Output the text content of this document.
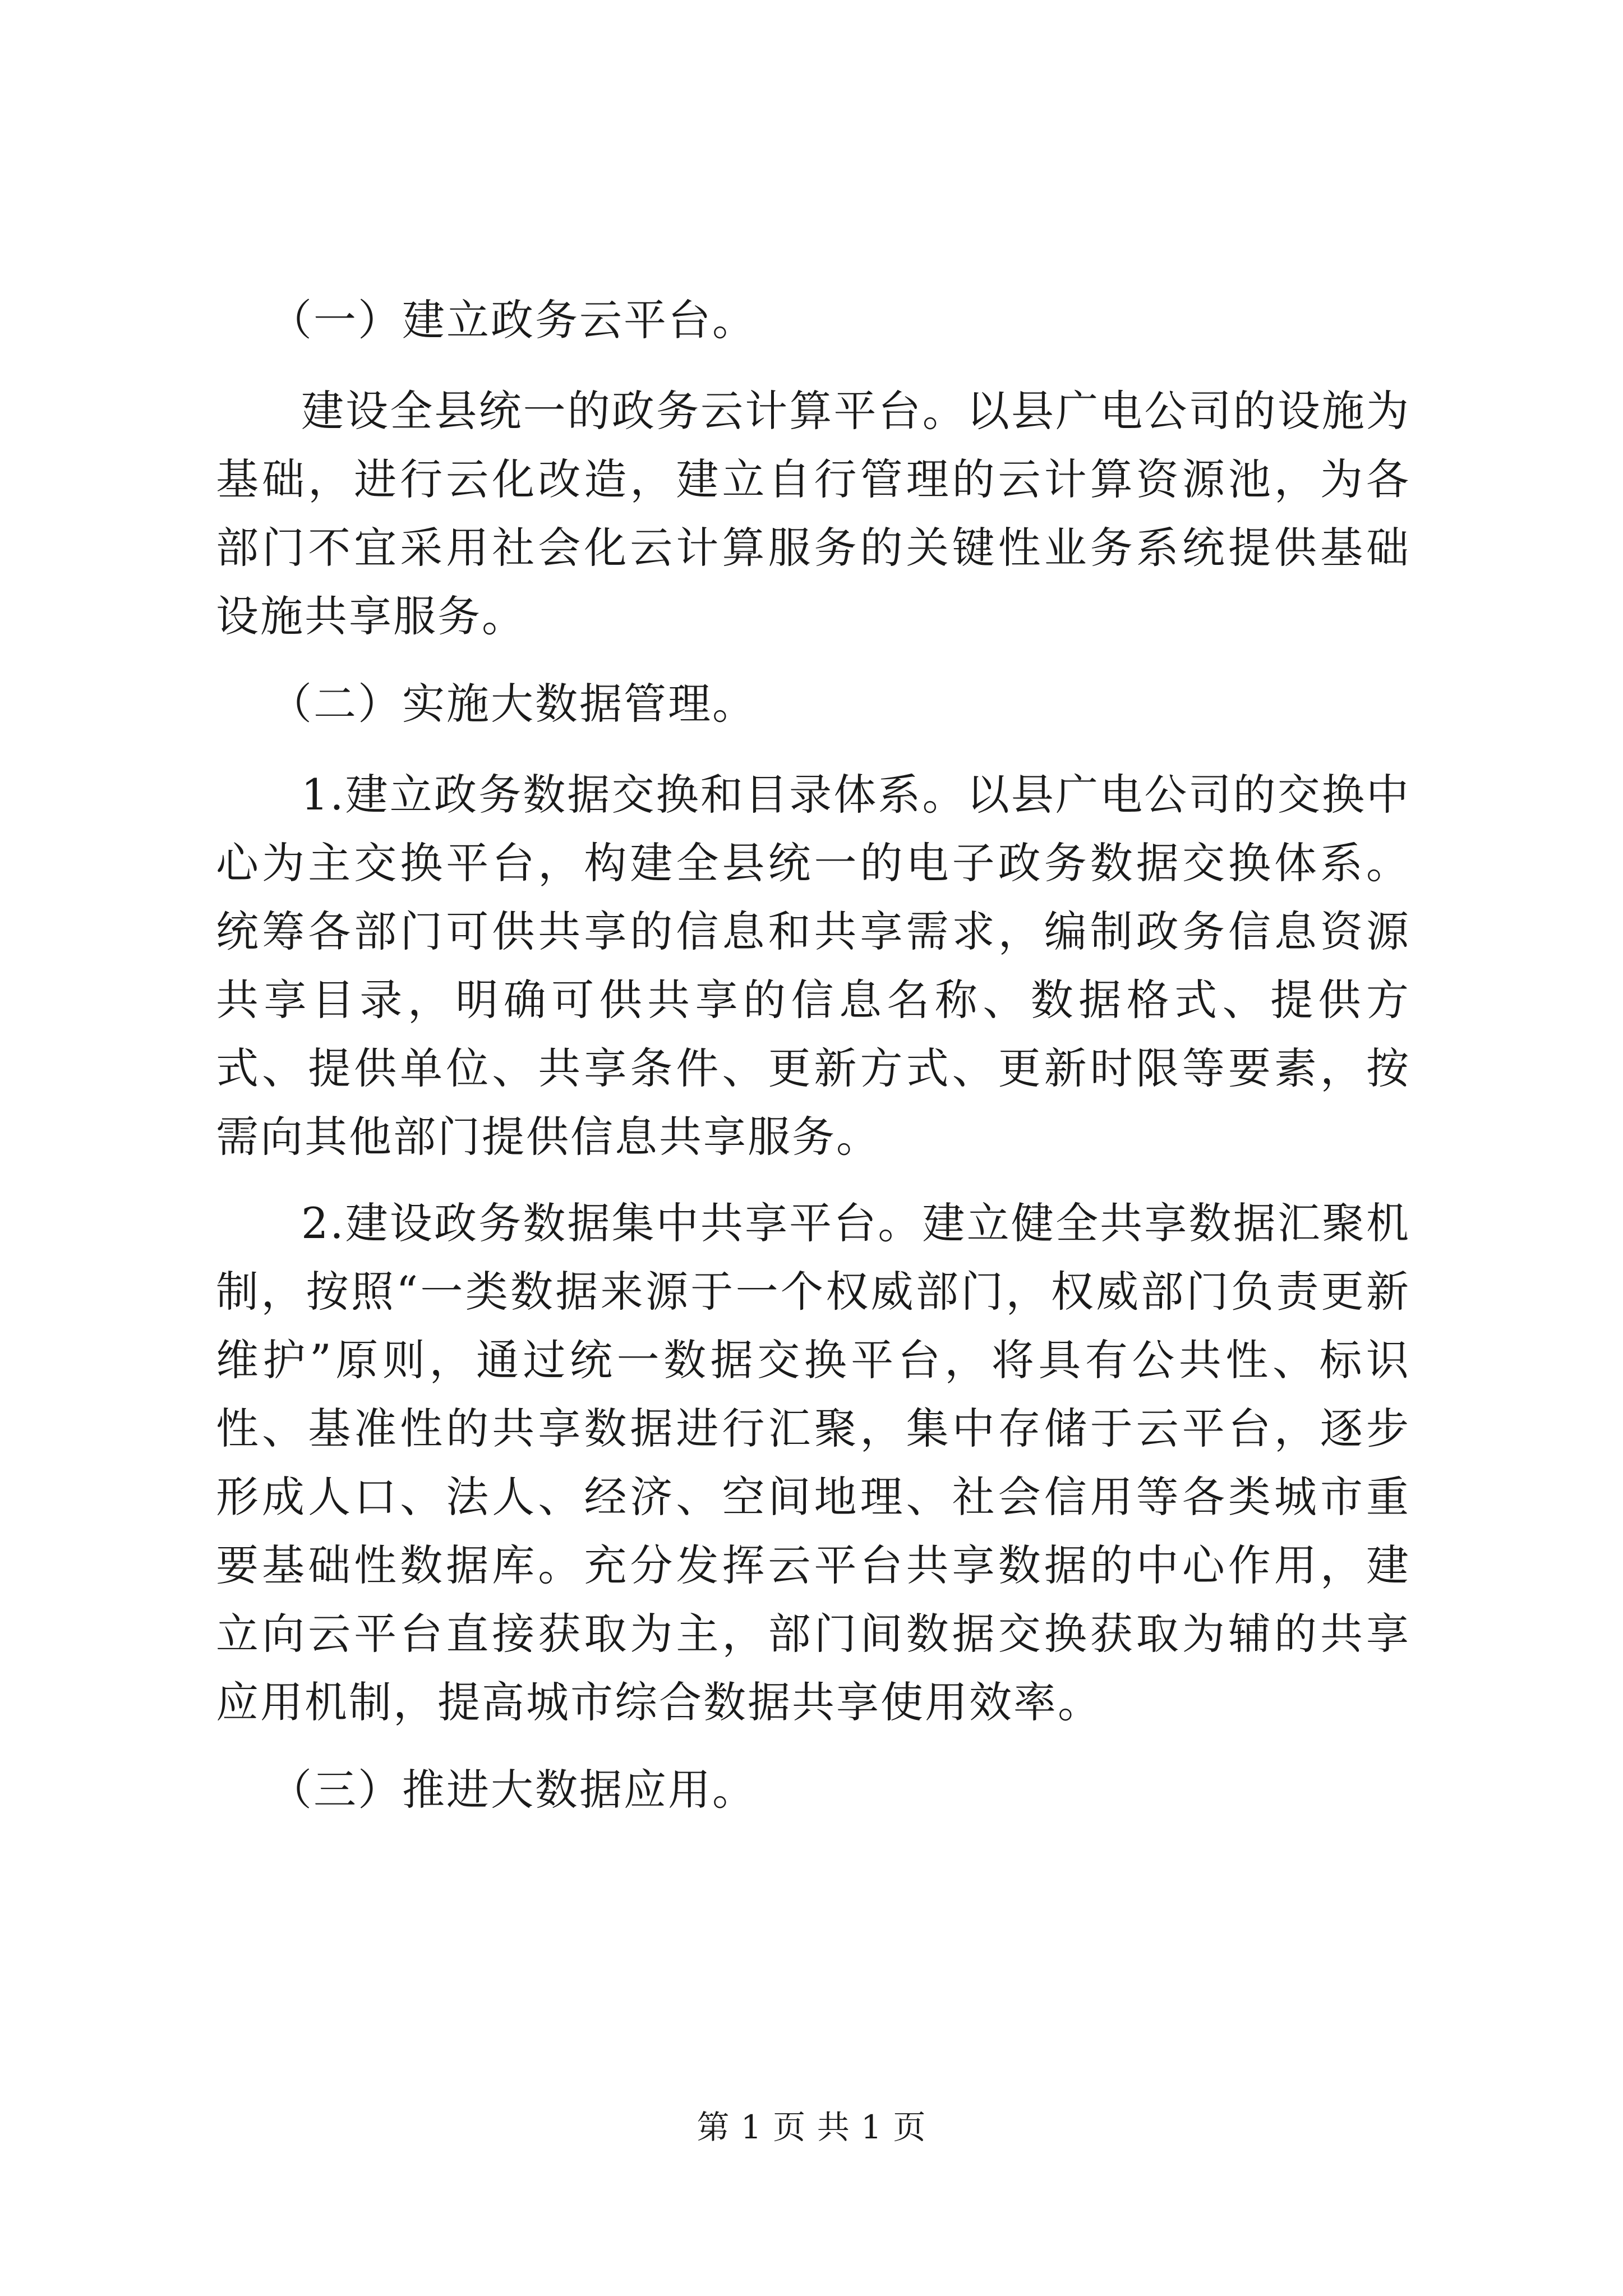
（一）建立政务云平台。

建设全县统一的政务云计算平台。以县广电公司的设施为基础，进行云化改造，建立自行管理的云计算资源池，为各部门不宜采用社会化云计算服务的关键性业务系统提供基础设施共享服务。

（二）实施大数据管理。

1.建立政务数据交换和目录体系。以县广电公司的交换中心为主交换平台，构建全县统一的电子政务数据交换体系。统筹各部门可供共享的信息和共享需求，编制政务信息资源共享目录，明确可供共享的信息名称、数据格式、提供方式、提供单位、共享条件、更新方式、更新时限等要素，按需向其他部门提供信息共享服务。

2.建设政务数据集中共享平台。建立健全共享数据汇聚机制，按照“一类数据来源于一个权威部门，权威部门负责更新维护”原则，通过统一数据交换平台，将具有公共性、标识性、基准性的共享数据进行汇聚，集中存储于云平台，逐步形成人口、法人、经济、空间地理、社会信用等各类城市重要基础性数据库。充分发挥云平台共享数据的中心作用，建立向云平台直接获取为主，部门间数据交换获取为辅的共享应用机制，提高城市综合数据共享使用效率。

（三）推进大数据应用。

第 1 页 共 1 页
